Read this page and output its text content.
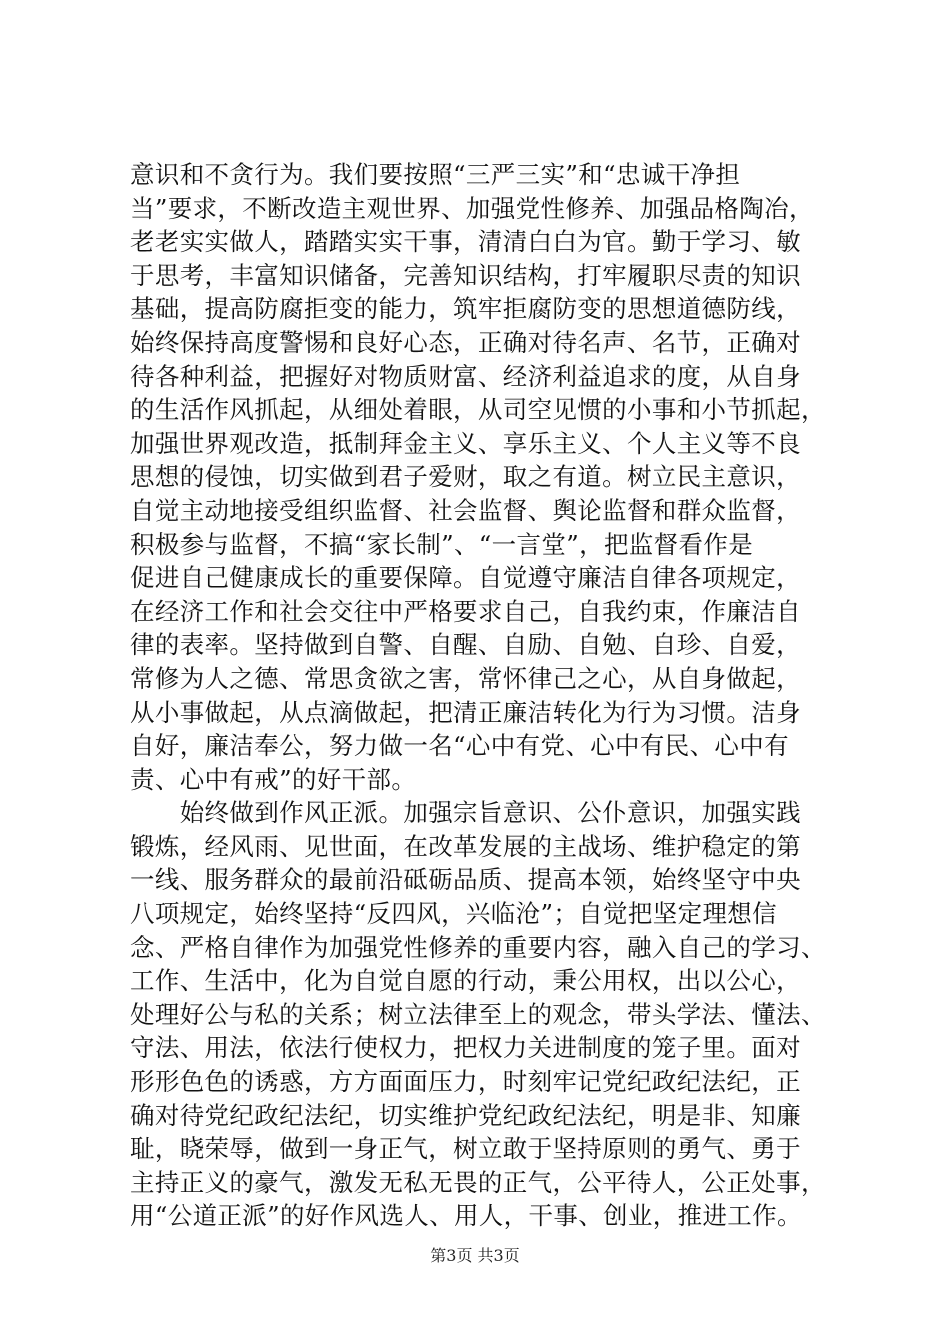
意识和不贪行为。我们要按照“三严三实”和“忠诚干净担
当”要求，不断改造主观世界、加强党性修养、加强品格陶冶，
老老实实做人，踏踏实实干事，清清白白为官。勤于学习、敏
于思考，丰富知识储备，完善知识结构，打牢履职尽责的知识
基础，提高防腐拒变的能力，筑牢拒腐防变的思想道德防线，
始终保持高度警惕和良好心态，正确对待名声、名节，正确对
待各种利益，把握好对物质财富、经济利益追求的度，从自身
的生活作风抓起，从细处着眼，从司空见惯的小事和小节抓起，
加强世界观改造，抵制拜金主义、享乐主义、个人主义等不良
思想的侵蚀，切实做到君子爱财，取之有道。树立民主意识，
自觉主动地接受组织监督、社会监督、舆论监督和群众监督，
积极参与监督，不搞“家长制”、“一言堂”，把监督看作是
促进自己健康成长的重要保障。自觉遵守廉洁自律各项规定，
在经济工作和社会交往中严格要求自己，自我约束，作廉洁自
律的表率。坚持做到自警、自醒、自励、自勉、自珍、自爱，
常修为人之德、常思贪欲之害，常怀律己之心，从自身做起，
从小事做起，从点滴做起，把清正廉洁转化为行为习惯。洁身
自好，廉洁奉公，努力做一名“心中有党、心中有民、心中有
责、心中有戒”的好干部。
　　始终做到作风正派。加强宗旨意识、公仆意识，加强实践
锻炼，经风雨、见世面，在改革发展的主战场、维护稳定的第
一线、服务群众的最前沿砥砺品质、提高本领，始终坚守中央
八项规定，始终坚持“反四风，兴临沧”；自觉把坚定理想信
念、严格自律作为加强党性修养的重要内容，融入自己的学习、
工作、生活中，化为自觉自愿的行动，秉公用权，出以公心，
处理好公与私的关系；树立法律至上的观念，带头学法、懂法、
守法、用法，依法行使权力，把权力关进制度的笼子里。面对
形形色色的诱惑，方方面面压力，时刻牢记党纪政纪法纪，正
确对待党纪政纪法纪，切实维护党纪政纪法纪，明是非、知廉
耻，晓荣辱，做到一身正气，树立敢于坚持原则的勇气、勇于
主持正义的豪气，激发无私无畏的正气，公平待人，公正处事，
用“公道正派”的好作风选人、用人，干事、创业，推进工作。
第3页 共3页
